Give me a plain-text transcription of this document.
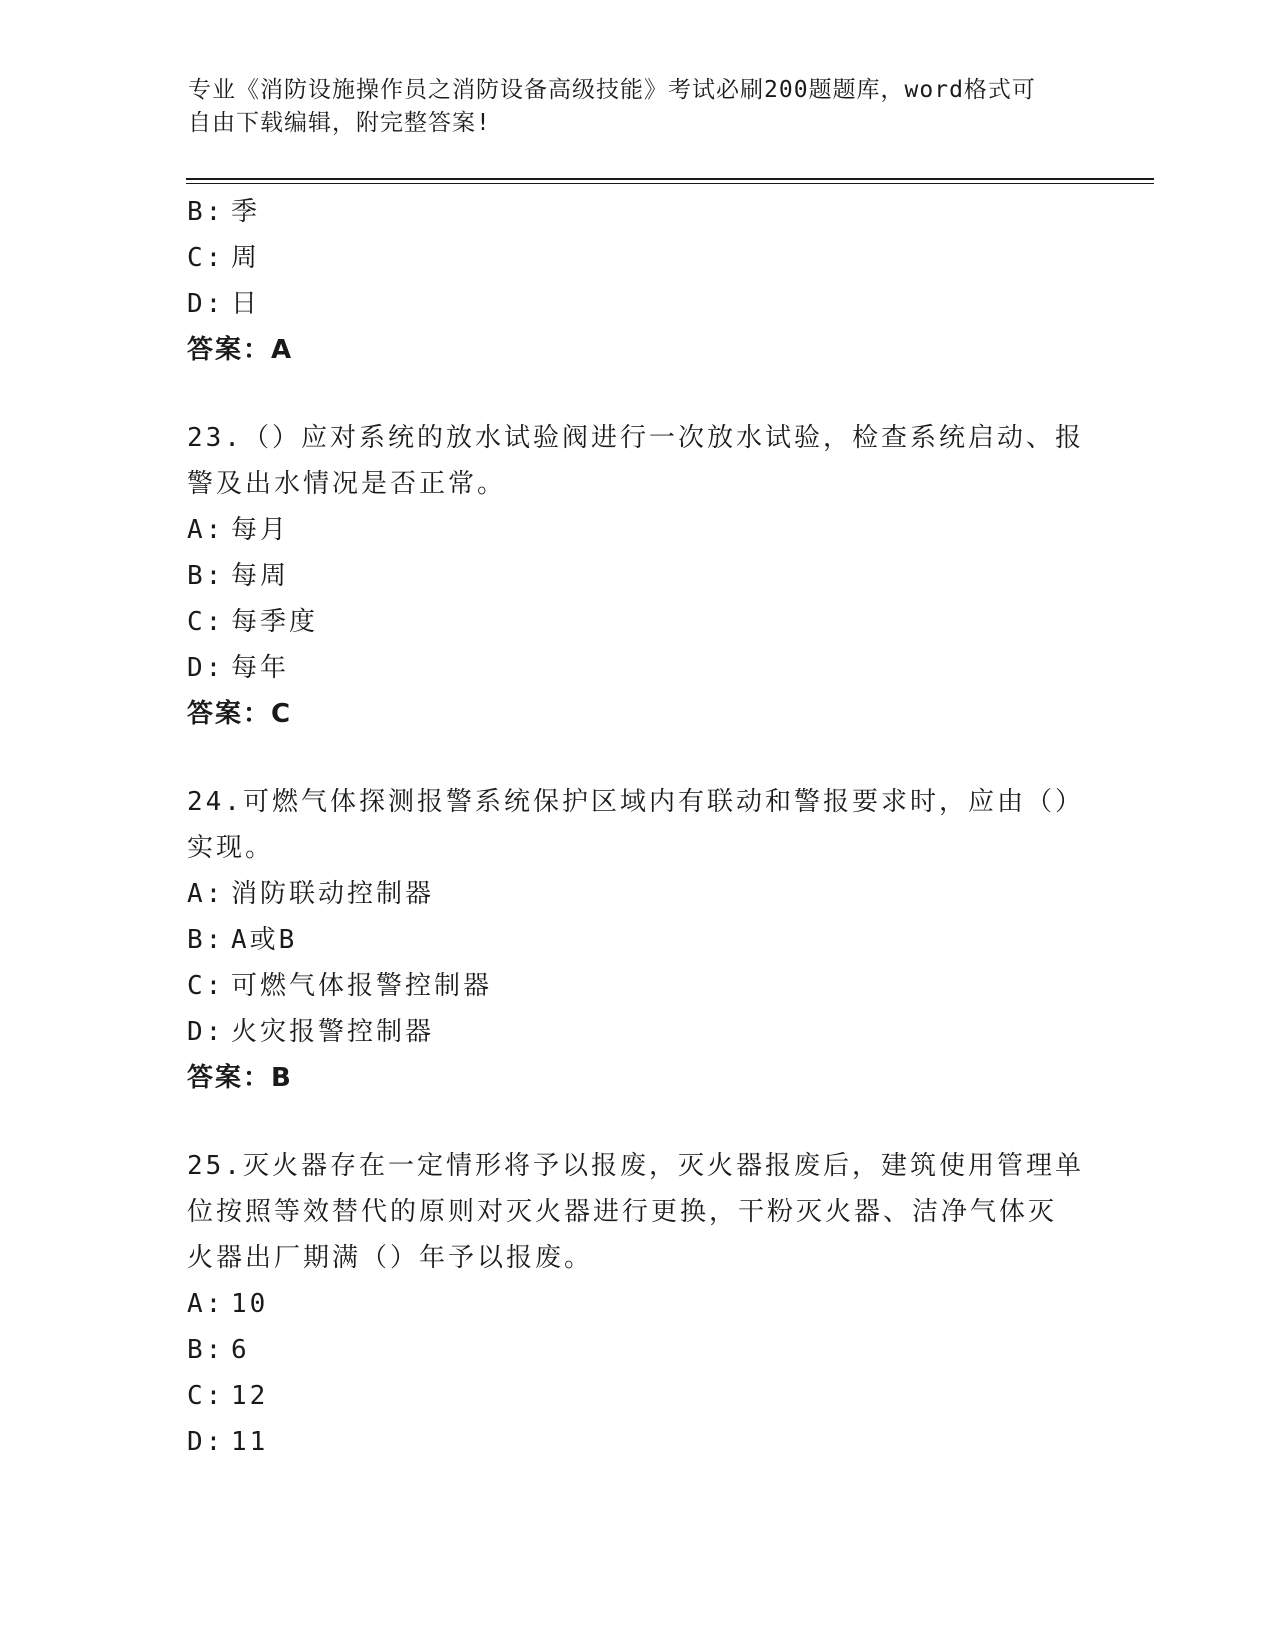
专业《消防设施操作员之消防设备高级技能》考试必刷200题题库，word格式可
自由下载编辑，附完整答案!
B: 季
C: 周
D: 日
答案：A
23.（）应对系统的放水试验阀进行一次放水试验，检查系统启动、报
警及出水情况是否正常。
A: 每月
B: 每周
C: 每季度
D: 每年
答案：C
24.可燃气体探测报警系统保护区域内有联动和警报要求时，应由（）
实现。
A: 消防联动控制器
B: A或B
C: 可燃气体报警控制器
D: 火灾报警控制器
答案：B
25.灭火器存在一定情形将予以报废，灭火器报废后，建筑使用管理单
位按照等效替代的原则对灭火器进行更换，干粉灭火器、洁净气体灭
火器出厂期满（）年予以报废。
A: 10
B: 6
C: 12
D: 11
